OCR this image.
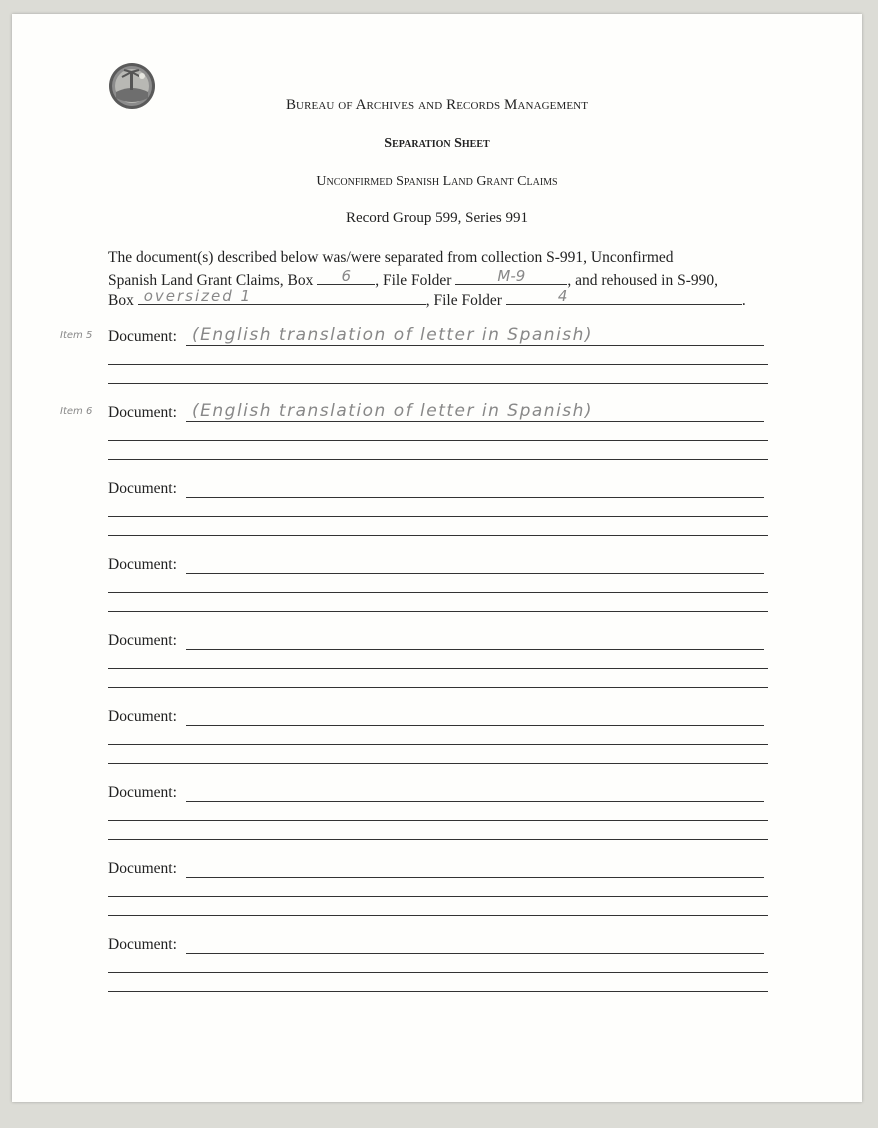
Bureau of Archives and Records Management
Separation Sheet
Unconfirmed Spanish Land Grant Claims
Record Group 599, Series 991
The document(s) described below was/were separated from collection S-991, Unconfirmed
Spanish Land Grant Claims, Box	6	, File Folder	M-9	, and rehoused in S-990,
Box oversized 1	, File Folder	4	.
Document: (English translation of letter in Spanish)
Item 5
Document: (English translation of letter in Spanish)
Item 6
Document:
Document:
Document:
Document:
Document:
Document:
Document:
